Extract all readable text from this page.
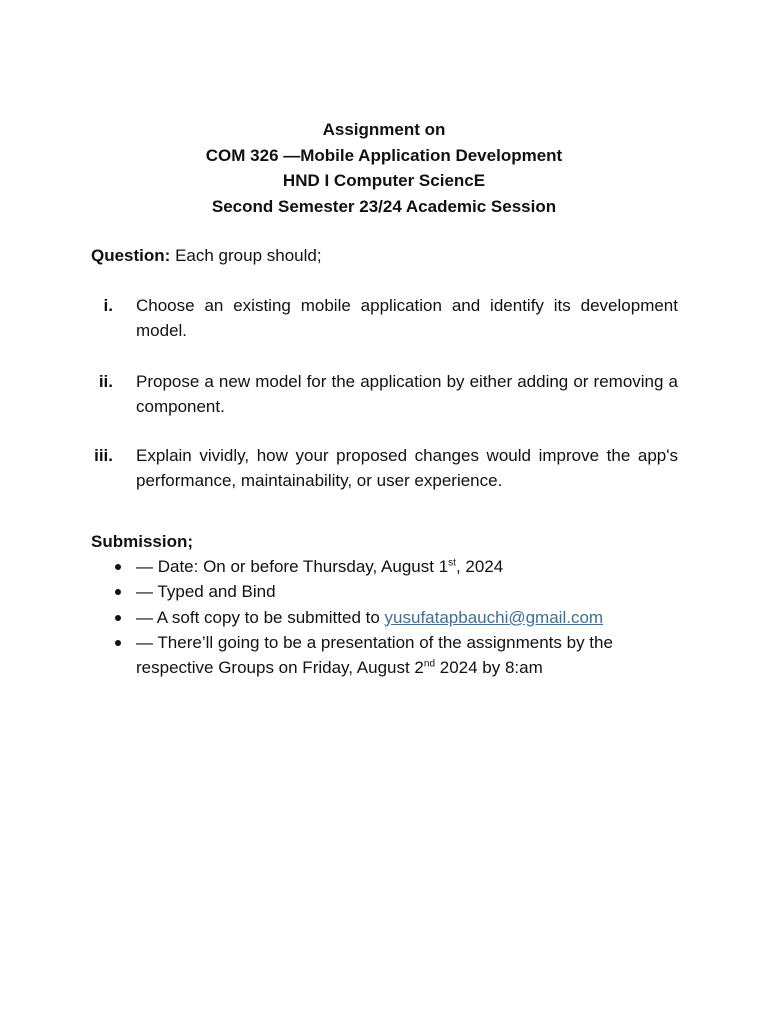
Assignment on
COM 326 —Mobile Application Development
HND I Computer SciencE
Second Semester 23/24 Academic Session
Question: Each group should;
i. Choose an existing mobile application and identify its development model.
ii. Propose a new model for the application by either adding or removing a component.
iii. Explain vividly, how your proposed changes would improve the app's performance, maintainability, or user experience.
Submission;
— Date: On or before Thursday, August 1st, 2024
— Typed and Bind
— A soft copy to be submitted to yusufatapbauchi@gmail.com
— There’ll going to be a presentation of the assignments by the respective Groups on Friday, August 2nd 2024 by 8:am
